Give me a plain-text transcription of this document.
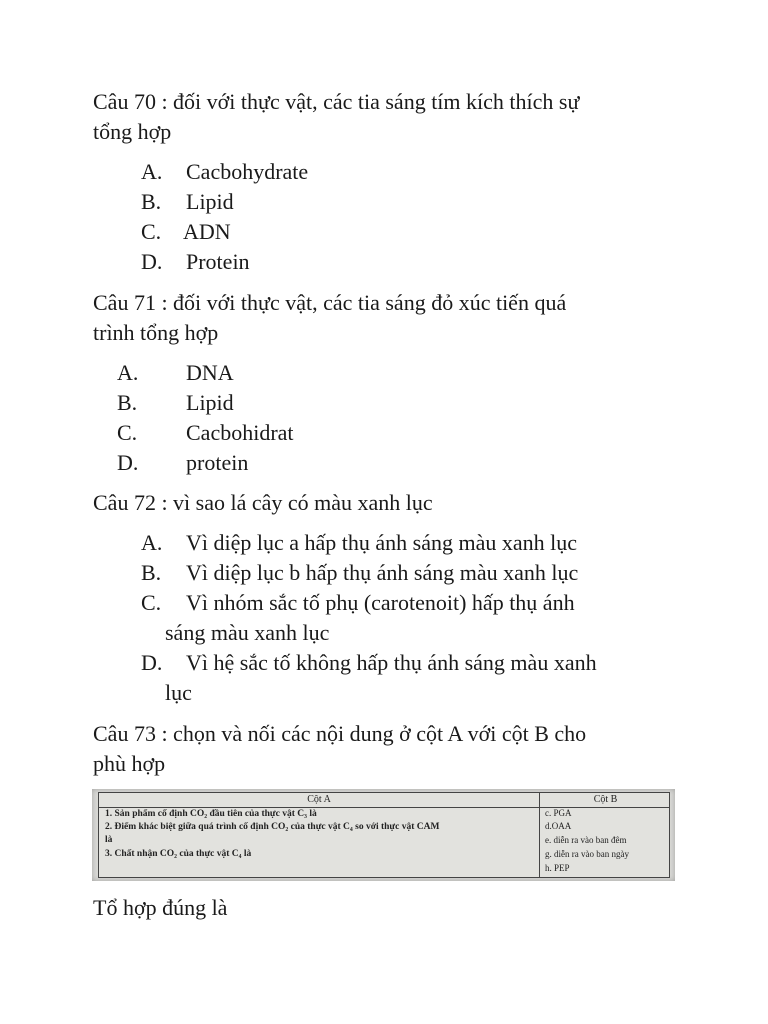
Câu 70 : đối với thực vật, các tia sáng tím kích thích sự
tổng hợp
A. Cacbohydrate
B. Lipid
C. ADN
D. Protein
Câu 71 : đối với thực vật, các tia sáng đỏ xúc tiến quá
trình tổng hợp
A. DNA
B. Lipid
C. Cacbohidrat
D. protein
Câu 72 : vì sao lá cây có màu xanh lục
A. Vì diệp lục a hấp thụ ánh sáng màu xanh lục
B. Vì diệp lục b hấp thụ ánh sáng màu xanh lục
C. Vì nhóm sắc tố phụ (carotenoit) hấp thụ ánh
sáng màu xanh lục
D. Vì hệ sắc tố không hấp thụ ánh sáng màu xanh
lục
Câu 73 : chọn và nối các nội dung ở cột A với cột B cho
phù hợp
Cột A	Cột B
1. Sản phẩm cố định CO₂ đầu tiên của thực vật C₃ là
2. Điểm khác biệt giữa quá trình cố định CO₂ của thực vật C₄ so với thực vật CAM
là
3. Chất nhận CO₂ của thực vật C₄ là
c. PGA
d.OAA
e. diễn ra vào ban đêm
g. diễn ra vào ban ngày
h. PEP
Tổ hợp đúng là
